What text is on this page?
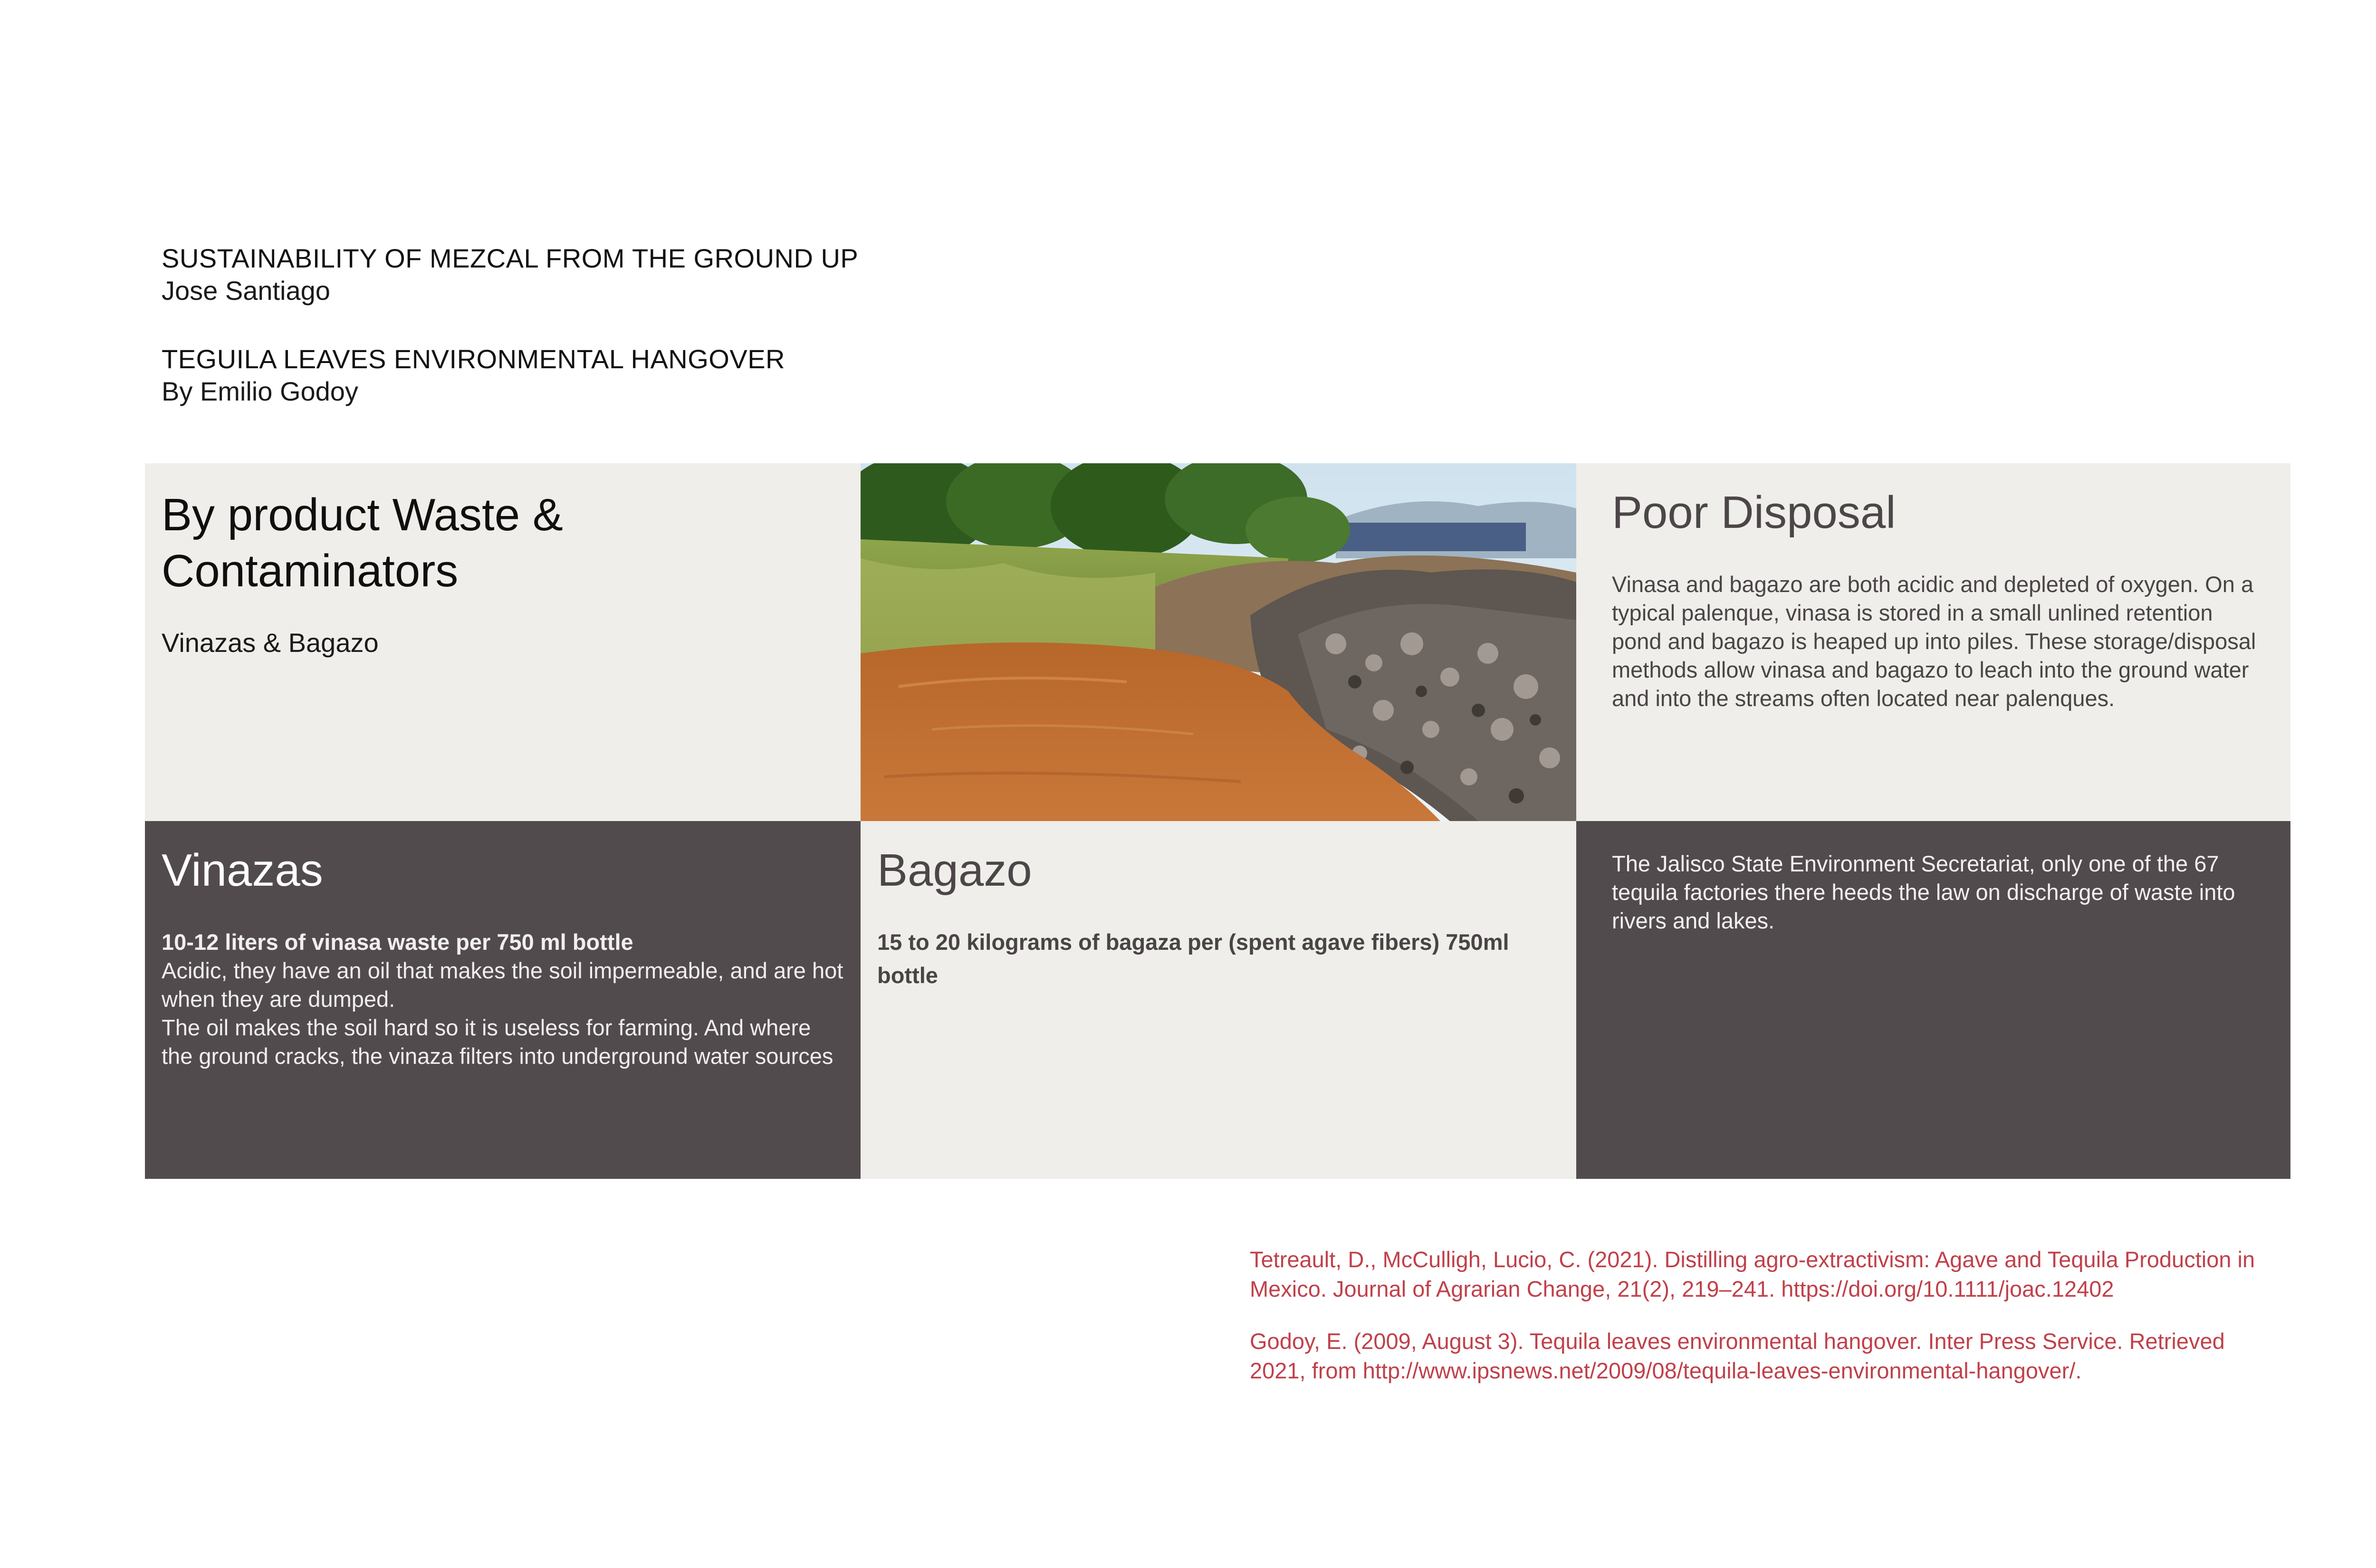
SUSTAINABILITY OF MEZCAL FROM THE GROUND UP
Jose Santiago
TEGUILA LEAVES ENVIRONMENTAL HANGOVER
By Emilio Godoy
By product Waste &
Contaminators
Vinazas & Bagazo
Poor Disposal
Vinasa and bagazo are both acidic and depleted of oxygen. On a typical palenque, vinasa is stored in a small unlined retention pond and bagazo is heaped up into piles. These storage/disposal methods allow vinasa and bagazo to leach into the ground water and into the streams often located near palenques.
Vinazas
10-12 liters of vinasa waste per 750 ml bottle
Acidic, they have an oil that makes the soil impermeable, and are hot when they are dumped.
The oil makes the soil hard so it is useless for farming. And where the ground cracks, the vinaza filters into underground water sources
Bagazo
15 to 20 kilograms of bagaza per (spent agave fibers) 750ml bottle
The Jalisco State Environment Secretariat, only one of the 67 tequila factories there heeds the law on discharge of waste into rivers and lakes.

Tetreault, D., McCulligh, Lucio, C. (2021). Distilling agro-extractivism: Agave and Tequila Production in Mexico. Journal of Agrarian Change, 21(2), 219–241. https://doi.org/10.1111/joac.12402

Godoy, E. (2009, August 3). Tequila leaves environmental hangover. Inter Press Service. Retrieved 2021, from http://www.ipsnews.net/2009/08/tequila-leaves-environmental-hangover/.
